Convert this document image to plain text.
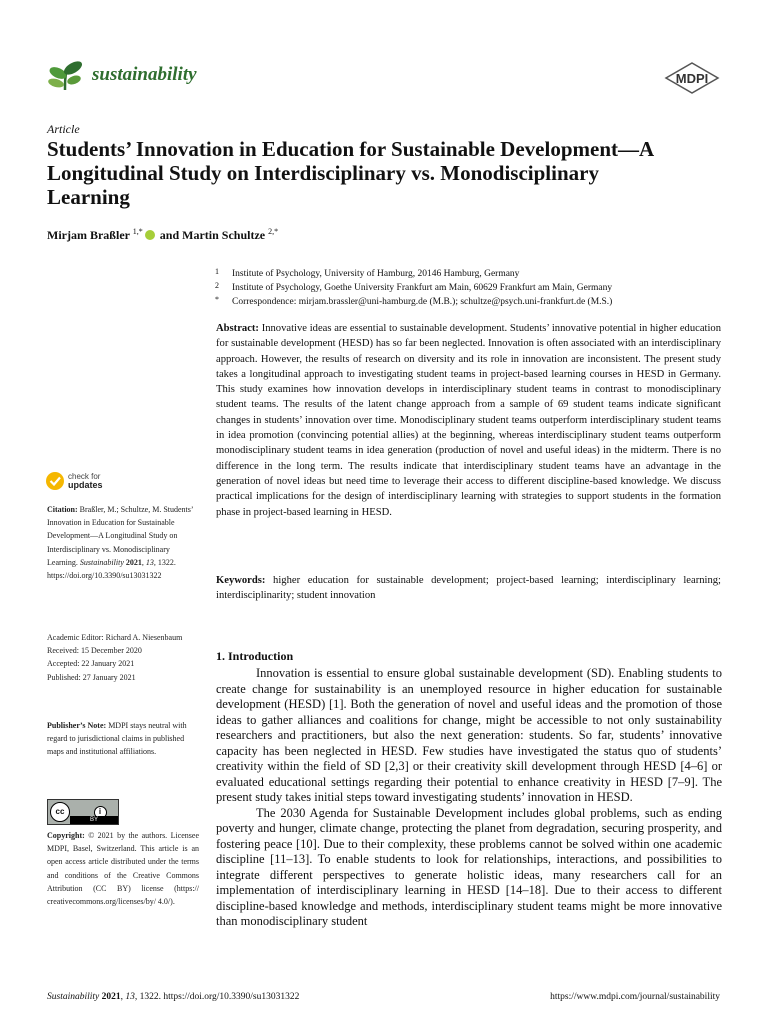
sustainability	MDPI
Article
Students’ Innovation in Education for Sustainable Development—A Longitudinal Study on Interdisciplinary vs. Monodisciplinary Learning
Mirjam Braßler $^{1,*}$ and Martin Schultze $^{2,*}$
1 Institute of Psychology, University of Hamburg, 20146 Hamburg, Germany
2 Institute of Psychology, Goethe University Frankfurt am Main, 60629 Frankfurt am Main, Germany
* Correspondence: mirjam.brassler@uni-hamburg.de (M.B.); schultze@psych.uni-frankfurt.de (M.S.)
Abstract: Innovative ideas are essential to sustainable development. Students’ innovative potential in higher education for sustainable development (HESD) has so far been neglected. Innovation is often associated with an interdisciplinary approach. However, the results of research on diversity and its role in innovation are inconsistent. The present study takes a longitudinal approach to investigating student teams in project-based learning courses in HESD in Germany. This study examines how innovation develops in interdisciplinary student teams in contrast to monodisciplinary student teams. The results of the latent change approach from a sample of 69 student teams indicate significant changes in students’ innovation over time. Monodisciplinary student teams outperform interdisciplinary student teams in idea promotion (convincing potential allies) at the beginning, whereas interdisciplinary student teams outperform monodisciplinary student teams in idea generation (production of novel and useful ideas) in the midterm. There is no difference in the long term. The results indicate that interdisciplinary student teams have an advantage in the generation of novel ideas but need time to leverage their access to different discipline-based knowledge. We discuss practical implications for the design of interdisciplinary learning with strategies to support students in the formation phase in project-based learning in HESD.
Keywords: higher education for sustainable development; project-based learning; interdisciplinary learning; interdisciplinarity; student innovation
1. Introduction

Innovation is essential to ensure global sustainable development (SD). Enabling students to create change for sustainability is an unemployed resource in higher education for sustainable development (HESD) [1]. Both the generation of novel and useful ideas and the promotion of those ideas to gather alliances and coalitions for change, might be accessible to not only sustainability researchers and practitioners, but also the next generation: students. So far, students’ innovative capacity has been neglected in HESD. Few studies have investigated the status quo of students’ creativity within the field of SD [2,3] or their creativity skill development through HESD [4–6] or evaluated educational settings regarding their potential to enhance creativity in HESD [7–9]. The present study takes initial steps toward investigating students’ innovation in HESD.

The 2030 Agenda for Sustainable Development includes global problems, such as ending poverty and hunger, climate change, protecting the planet from degradation, securing prosperity, and fostering peace [10]. Due to their complexity, these problems cannot be solved within one academic discipline [11–13]. To enable students to look for relationships, interactions, and possibilities to integrate different perspectives to generate holistic ideas, many researchers call for an implementation of interdisciplinary learning in HESD [14–18]. Due to their access to different discipline-based knowledge and methods, interdisciplinary student teams might be more innovative than monodisciplinary student

check for
updates

Citation: Braßler, M.; Schultze, M. Students’ Innovation in Education for Sustainable Development—A Longitudinal Study on Interdisciplinary vs. Monodisciplinary Learning. Sustainability 2021, 13, 1322. https://doi.org/10.3390/su13031322

Academic Editor: Richard A. Niesenbaum

Received: 15 December 2020

Accepted: 22 January 2021

Published: 27 January 2021

Publisher’s Note: MDPI stays neutral with regard to jurisdictional claims in published maps and institutional affiliations.

cc	i
BY

Copyright: © 2021 by the authors. Licensee MDPI, Basel, Switzerland. This article is an open access article distributed under the terms and conditions of the Creative Commons Attribution (CC BY) license (https:// creativecommons.org/licenses/by/ 4.0/).

Sustainability 2021, 13, 1322. https://doi.org/10.3390/su13031322	https://www.mdpi.com/journal/sustainability
